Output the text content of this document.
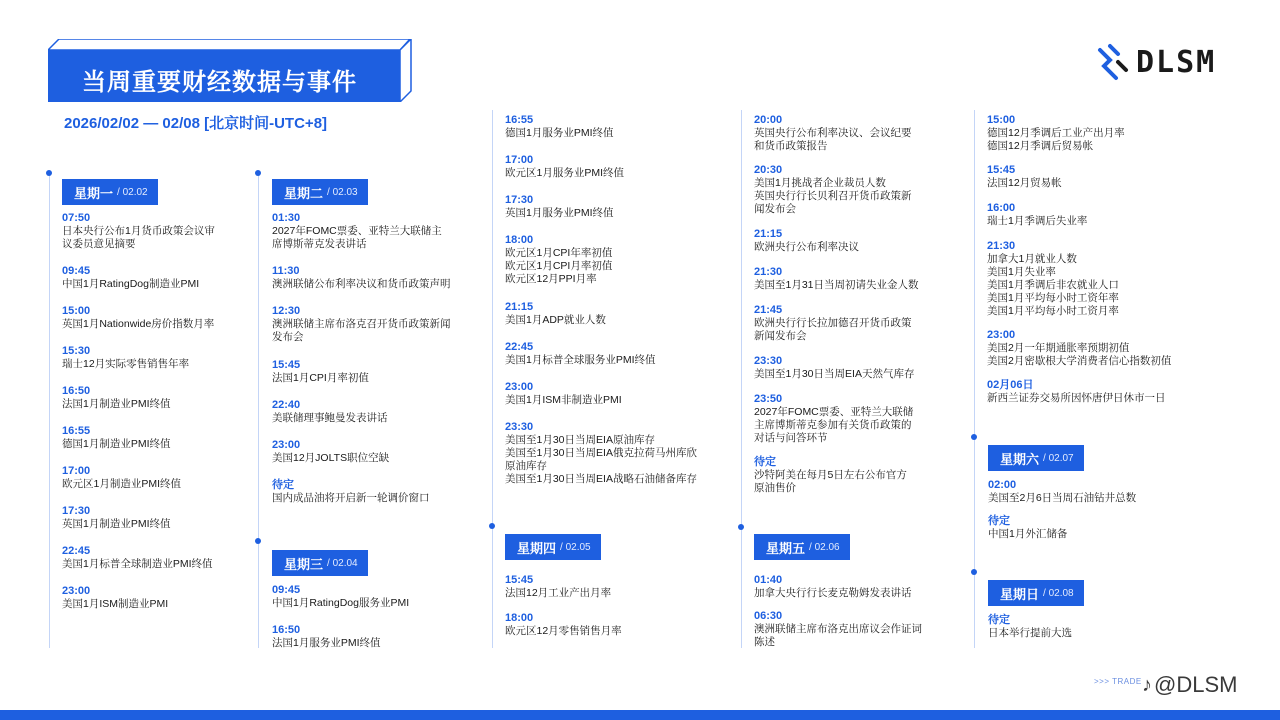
当周重要财经数据与事件
2026/02/02 — 02/08 [北京时间-UTC+8]
DLSM
星期一 / 02.02
07:50
日本央行公布1月货币政策会议审
议委员意见摘要
09:45
中国1月RatingDog制造业PMI
15:00
英国1月Nationwide房价指数月率
15:30
瑞士12月实际零售销售年率
16:50
法国1月制造业PMI终值
16:55
德国1月制造业PMI终值
17:00
欧元区1月制造业PMI终值
17:30
英国1月制造业PMI终值
22:45
美国1月标普全球制造业PMI终值
23:00
美国1月ISM制造业PMI
星期二 / 02.03
01:30
2027年FOMC票委、亚特兰大联储主
席博斯蒂克发表讲话
11:30
澳洲联储公布利率决议和货币政策声明
12:30
澳洲联储主席布洛克召开货币政策新闻
发布会
15:45
法国1月CPI月率初值
22:40
美联储理事鲍曼发表讲话
23:00
美国12月JOLTS职位空缺
待定
国内成品油将开启新一轮调价窗口
星期三 / 02.04
09:45
中国1月RatingDog服务业PMI
16:50
法国1月服务业PMI终值
16:55
德国1月服务业PMI终值
17:00
欧元区1月服务业PMI终值
17:30
英国1月服务业PMI终值
18:00
欧元区1月CPI年率初值
欧元区1月CPI月率初值
欧元区12月PPI月率
21:15
美国1月ADP就业人数
22:45
美国1月标普全球服务业PMI终值
23:00
美国1月ISM非制造业PMI
23:30
美国至1月30日当周EIA原油库存
美国至1月30日当周EIA俄克拉荷马州库欣
原油库存
美国至1月30日当周EIA战略石油储备库存
星期四 / 02.05
15:45
法国12月工业产出月率
18:00
欧元区12月零售销售月率
20:00
英国央行公布利率决议、会议纪要
和货币政策报告
20:30
美国1月挑战者企业裁员人数
英国央行行长贝利召开货币政策新
闻发布会
21:15
欧洲央行公布利率决议
21:30
美国至1月31日当周初请失业金人数
21:45
欧洲央行行长拉加德召开货币政策
新闻发布会
23:30
美国至1月30日当周EIA天然气库存
23:50
2027年FOMC票委、亚特兰大联储
主席博斯蒂克参加有关货币政策的
对话与问答环节
待定
沙特阿美在每月5日左右公布官方
原油售价
星期五 / 02.06
01:40
加拿大央行行长麦克勒姆发表讲话
06:30
澳洲联储主席布洛克出席议会作证词
陈述
15:00
德国12月季调后工业产出月率
德国12月季调后贸易帐
15:45
法国12月贸易帐
16:00
瑞士1月季调后失业率
21:30
加拿大1月就业人数
美国1月失业率
美国1月季调后非农就业人口
美国1月平均每小时工资年率
美国1月平均每小时工资月率
23:00
美国2月一年期通胀率预期初值
美国2月密歇根大学消费者信心指数初值
02月06日
新西兰证券交易所因怀唐伊日休市一日
星期六 / 02.07
02:00
美国至2月6日当周石油钻井总数
待定
中国1月外汇储备
星期日 / 02.08
待定
日本举行提前大选
>>> TRADE ♪ @DLSM
